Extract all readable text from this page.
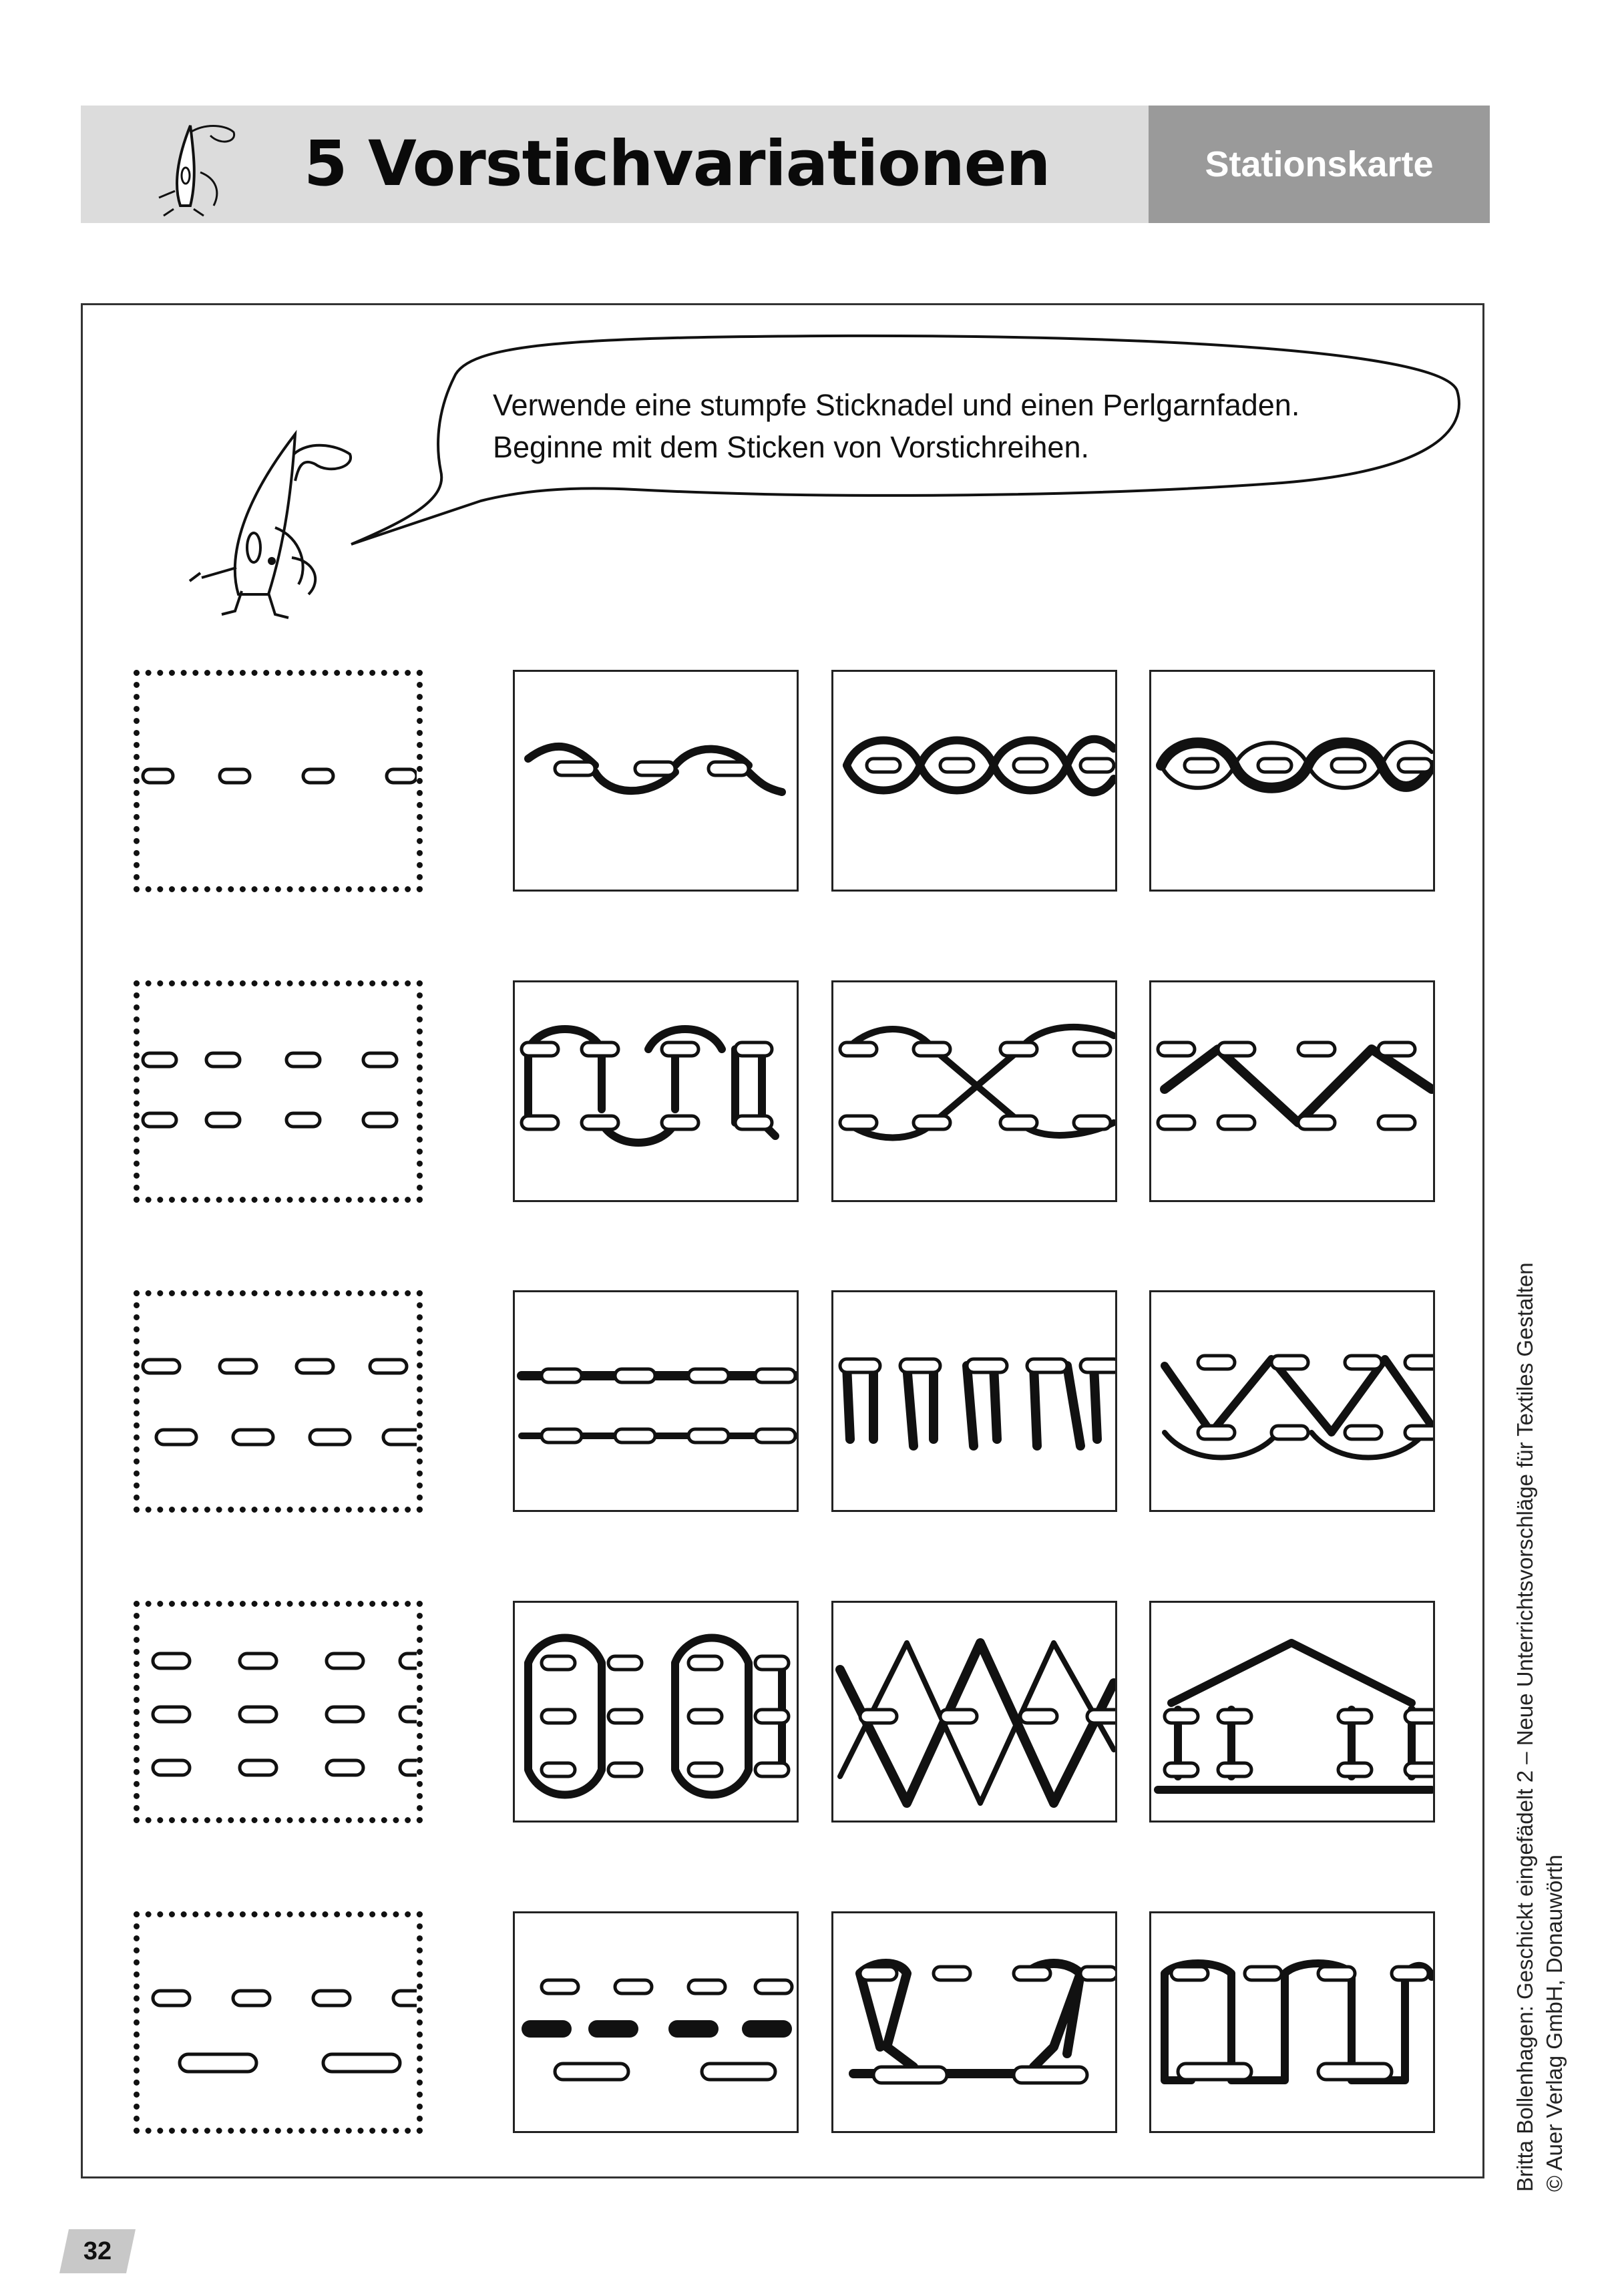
5 Vorstichvariationen	Stationskarte
Verwende eine stumpfe Sticknadel und einen Perlgarnfaden.
Beginne mit dem Sticken von Vorstichreihen.
Britta Bollenhagen: Geschickt eingefädelt 2 – Neue Unterrichtsvorschläge für Textiles Gestalten © Auer Verlag GmbH, Donauwörth
32
